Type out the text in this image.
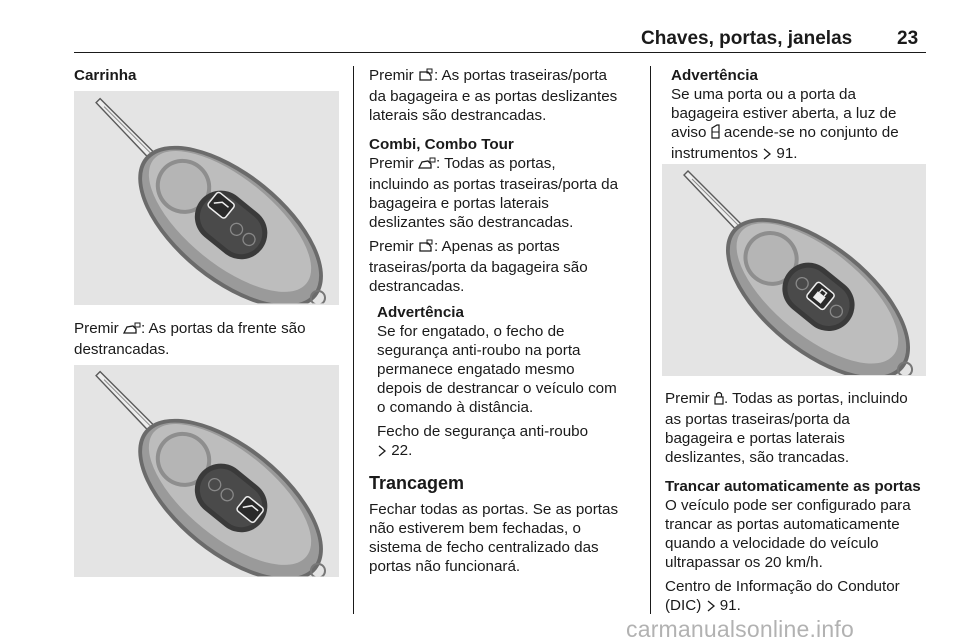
Chaves, portas, janelas 23

Carrinha

Premir : As portas da frente são

destrancadas.

Premir : As portas traseiras/porta

da bagageira e as portas deslizantes

laterais são destrancadas.

Combi, Combo Tour

Premir : Todas as portas,

incluindo as portas traseiras/porta da

bagageira e portas laterais

deslizantes são destrancadas.

Premir : Apenas as portas

traseiras/porta da bagageira são

destrancadas.

Advertência

Se for engatado, o fecho de

segurança anti-roubo na porta

permanece engatado mesmo

depois de destrancar o veículo com

o comando à distância.

Fecho de segurança anti-roubo

22.

Trancagem

Fechar todas as portas. Se as portas

não estiverem bem fechadas, o

sistema de fecho centralizado das

portas não funcionará.

Advertência

Se uma porta ou a porta da

bagageira estiver aberta, a luz de

aviso  acende-se no conjunto de

instrumentos  91.

Premir . Todas as portas, incluindo

as portas traseiras/porta da

bagageira e portas laterais

deslizantes, são trancadas.

Trancar automaticamente as portas

O veículo pode ser configurado para

trancar as portas automaticamente

quando a velocidade do veículo

ultrapassar os 20 km/h.

Centro de Informação do Condutor

(DIC)  91.

carmanualsonline.info
